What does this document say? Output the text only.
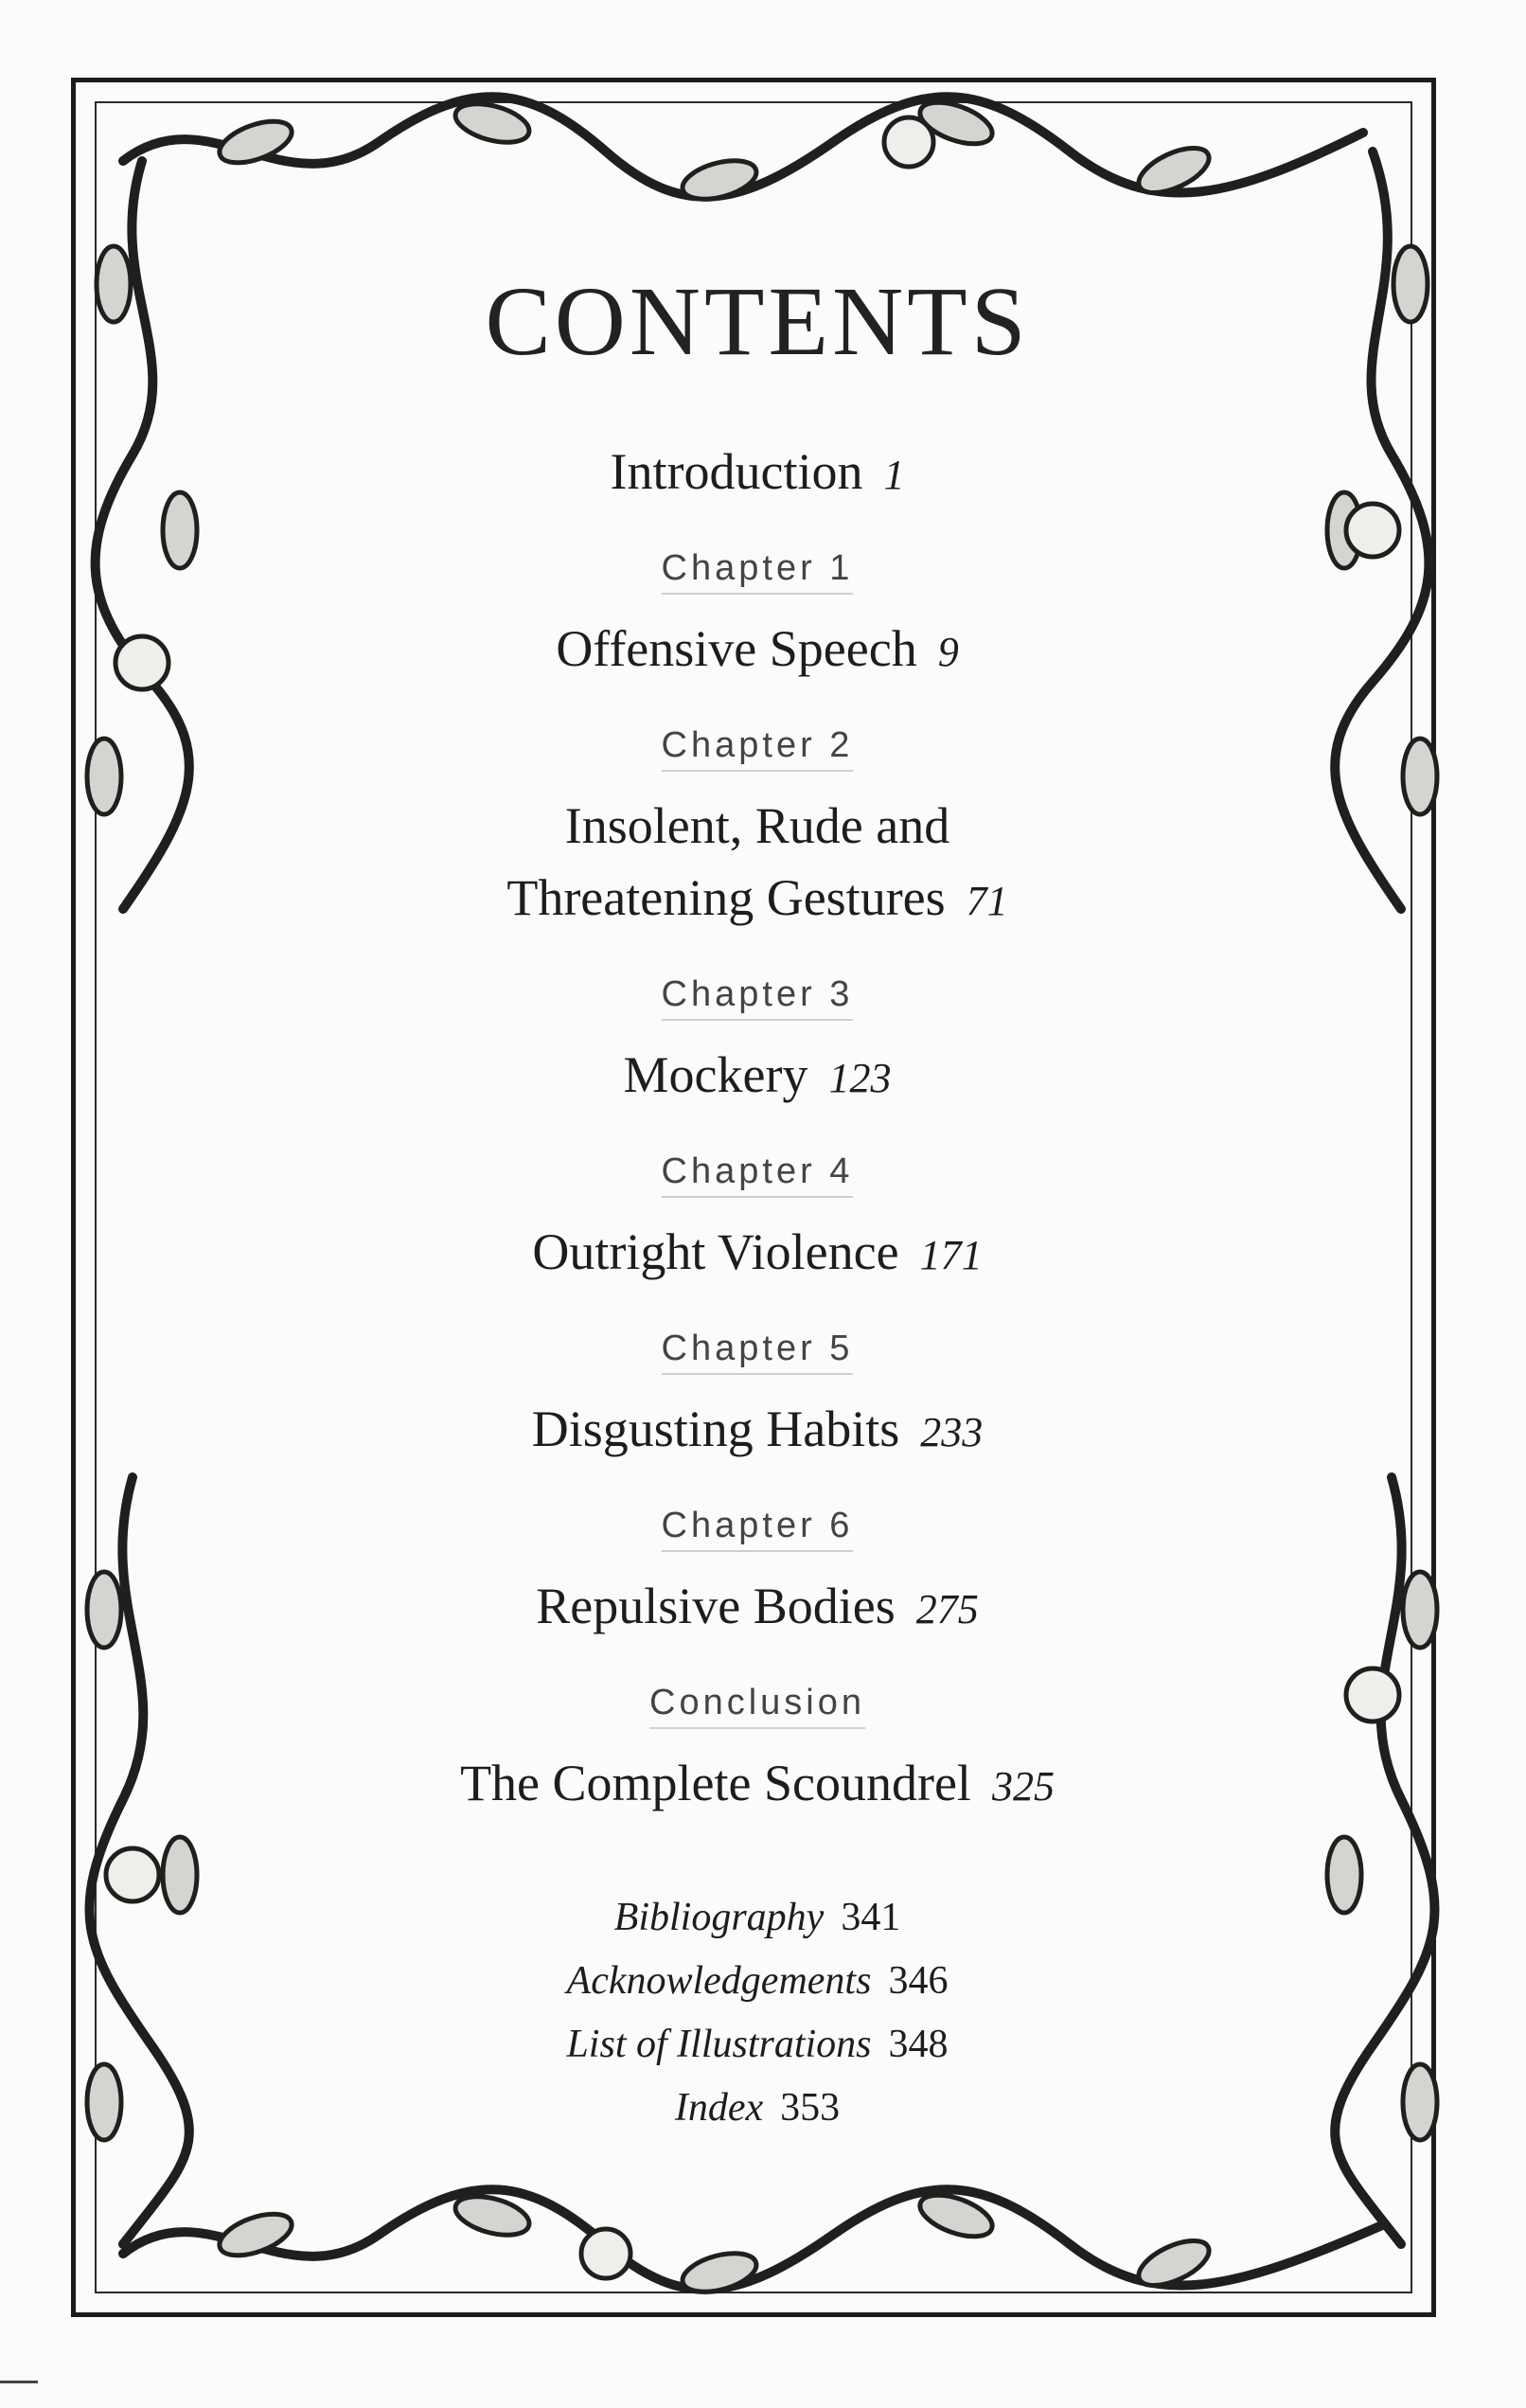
CONTENTS
Introduction 1
Chapter 1
Offensive Speech 9
Chapter 2
Insolent, Rude and
Threatening Gestures 71
Chapter 3
Mockery 123
Chapter 4
Outright Violence 171
Chapter 5
Disgusting Habits 233
Chapter 6
Repulsive Bodies 275
Conclusion
The Complete Scoundrel 325
Bibliography 341
Acknowledgements 346
List of Illustrations 348
Index 353
